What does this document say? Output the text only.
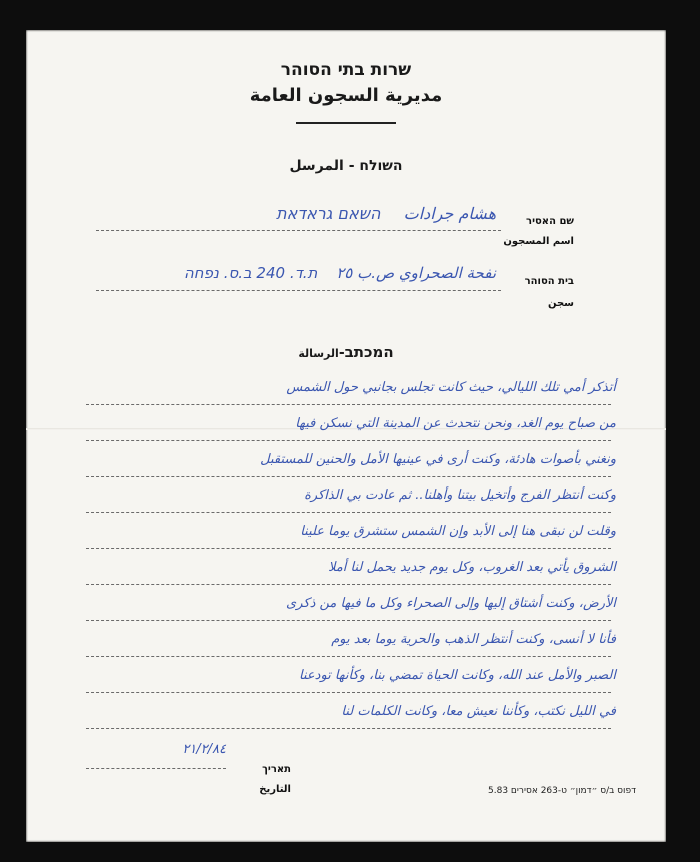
שרות בתי הסוהר
مديرية السجون العامة
השולח - المرسل
שם האסיר
اسم المسجون
هشام جرادات השאם גראדאת
בית הסוהר
سجن
نفحة الصحراوي ص.ب ٢٥ ת.ד. 240 ב.ס. נפחה
המכתב-الرسالة
أتذكر أمي تلك الليالي، حيث كانت تجلس بجانبي حول الشمس
من صباح يوم الغد، ونحن نتحدث عن المدينة التي نسكن فيها
ونغني بأصوات هادئة، وكنت أرى في عينيها الأمل والحنين للمستقبل
وكنت أنتظر الفرج وأتخيل بيتنا وأهلنا.. ثم عادت بي الذاكرة
وقلت لن نبقى هنا إلى الأبد وإن الشمس ستشرق يوما علينا
الشروق يأتي بعد الغروب، وكل يوم جديد يحمل لنا أملا
الأرض، وكنت أشتاق إليها وإلى الصحراء وكل ما فيها من ذكرى
فأنا لا أنسى، وكنت أنتظر الذهب والحرية يوما بعد يوم
الصبر والأمل عند الله، وكانت الحياة تمضي بنا، وكأنها تودعنا
في الليل نكتب، وكأننا نعيش معا، وكانت الكلمات لنا
٢١/٢/٨٤
תאריך
التاريخ	דפוס ב/ס ״דמון״ ט-263 אסירים 5.83
